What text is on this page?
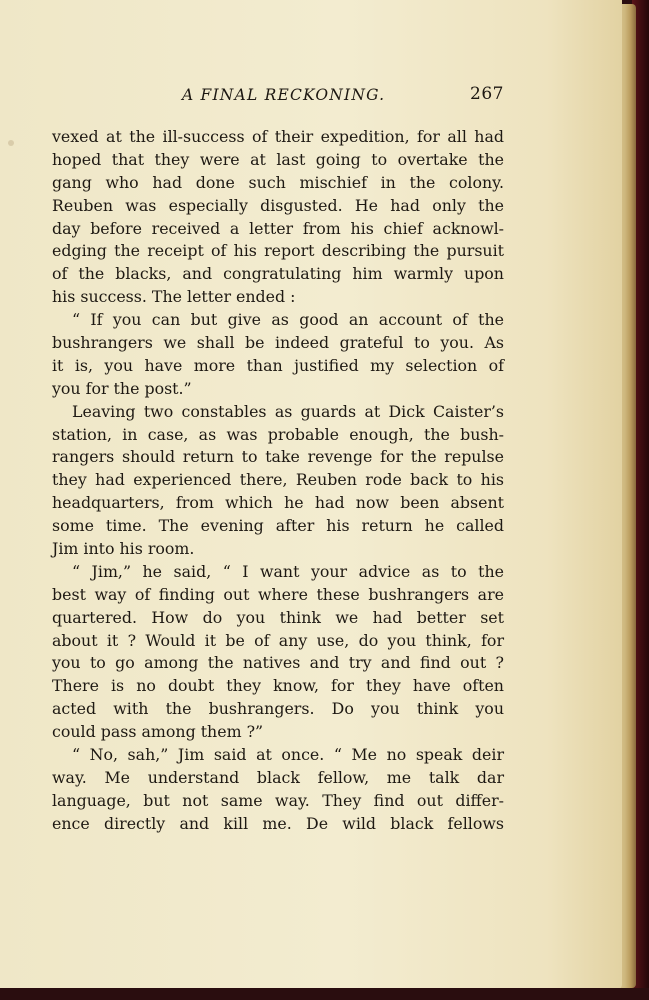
A FINAL RECKONING.	267
vexed at the ill-success of their expedition, for all had
hoped that they were at last going to overtake the
gang who had done such mischief in the colony.
Reuben was especially disgusted. He had only the
day before received a letter from his chief acknowl-
edging the receipt of his report describing the pursuit
of the blacks, and congratulating him warmly upon
his success. The letter ended :
“ If you can but give as good an account of the
bushrangers we shall be indeed grateful to you. As
it is, you have more than justified my selection of
you for the post.”
Leaving two constables as guards at Dick Caister’s
station, in case, as was probable enough, the bush-
rangers should return to take revenge for the repulse
they had experienced there, Reuben rode back to his
headquarters, from which he had now been absent
some time. The evening after his return he called
Jim into his room.
“ Jim,” he said, “ I want your advice as to the
best way of finding out where these bushrangers are
quartered. How do you think we had better set
about it ? Would it be of any use, do you think, for
you to go among the natives and try and find out ?
There is no doubt they know, for they have often
acted with the bushrangers. Do you think you
could pass among them ?”
“ No, sah,” Jim said at once. “ Me no speak deir
way. Me understand black fellow, me talk dar
language, but not same way. They find out differ-
ence directly and kill me. De wild black fellows
